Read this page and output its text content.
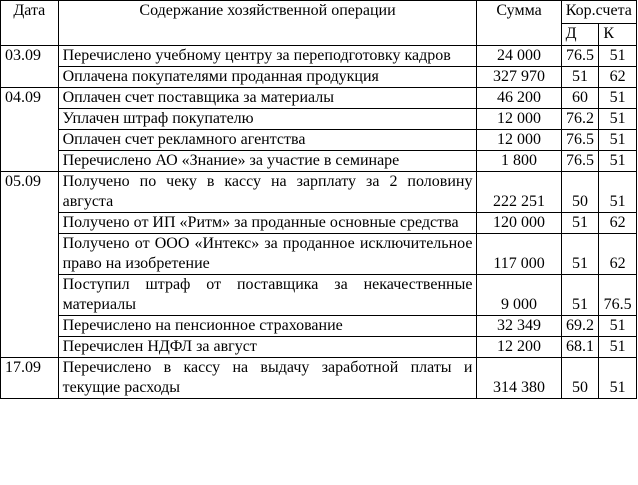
Дата	Содержание хозяйственной операции	Сумма	Кор.счета	
			Д	К
03.09	Перечислено учебному центру за переподготовку кадров	24 000	76.5	51
	Оплачена покупателями проданная продукция	327 970	51	62
04.09	Оплачен счет поставщика за материалы	46 200	60	51
	Уплачен штраф покупателю	12 000	76.2	51
	Оплачен счет рекламного агентства	12 000	76.5	51
	Перечислено АО «Знание» за участие в семинаре	1 800	76.5	51
05.09	Получено по чеку в кассу на зарплату за 2 половину августа	222 251	50	51
	Получено от ИП «Ритм» за проданные основные средства	120 000	51	62
	Получено от ООО «Интекс» за проданное исключительное право на изобретение	117 000	51	62
	Поступил штраф от поставщика за некачественные материалы	9 000	51	76.5
	Перечислено на пенсионное страхование	32 349	69.2	51
	Перечислен НДФЛ за август	12 200	68.1	51
17.09	Перечислено в кассу на выдачу заработной платы и текущие расходы	314 380	50	51
